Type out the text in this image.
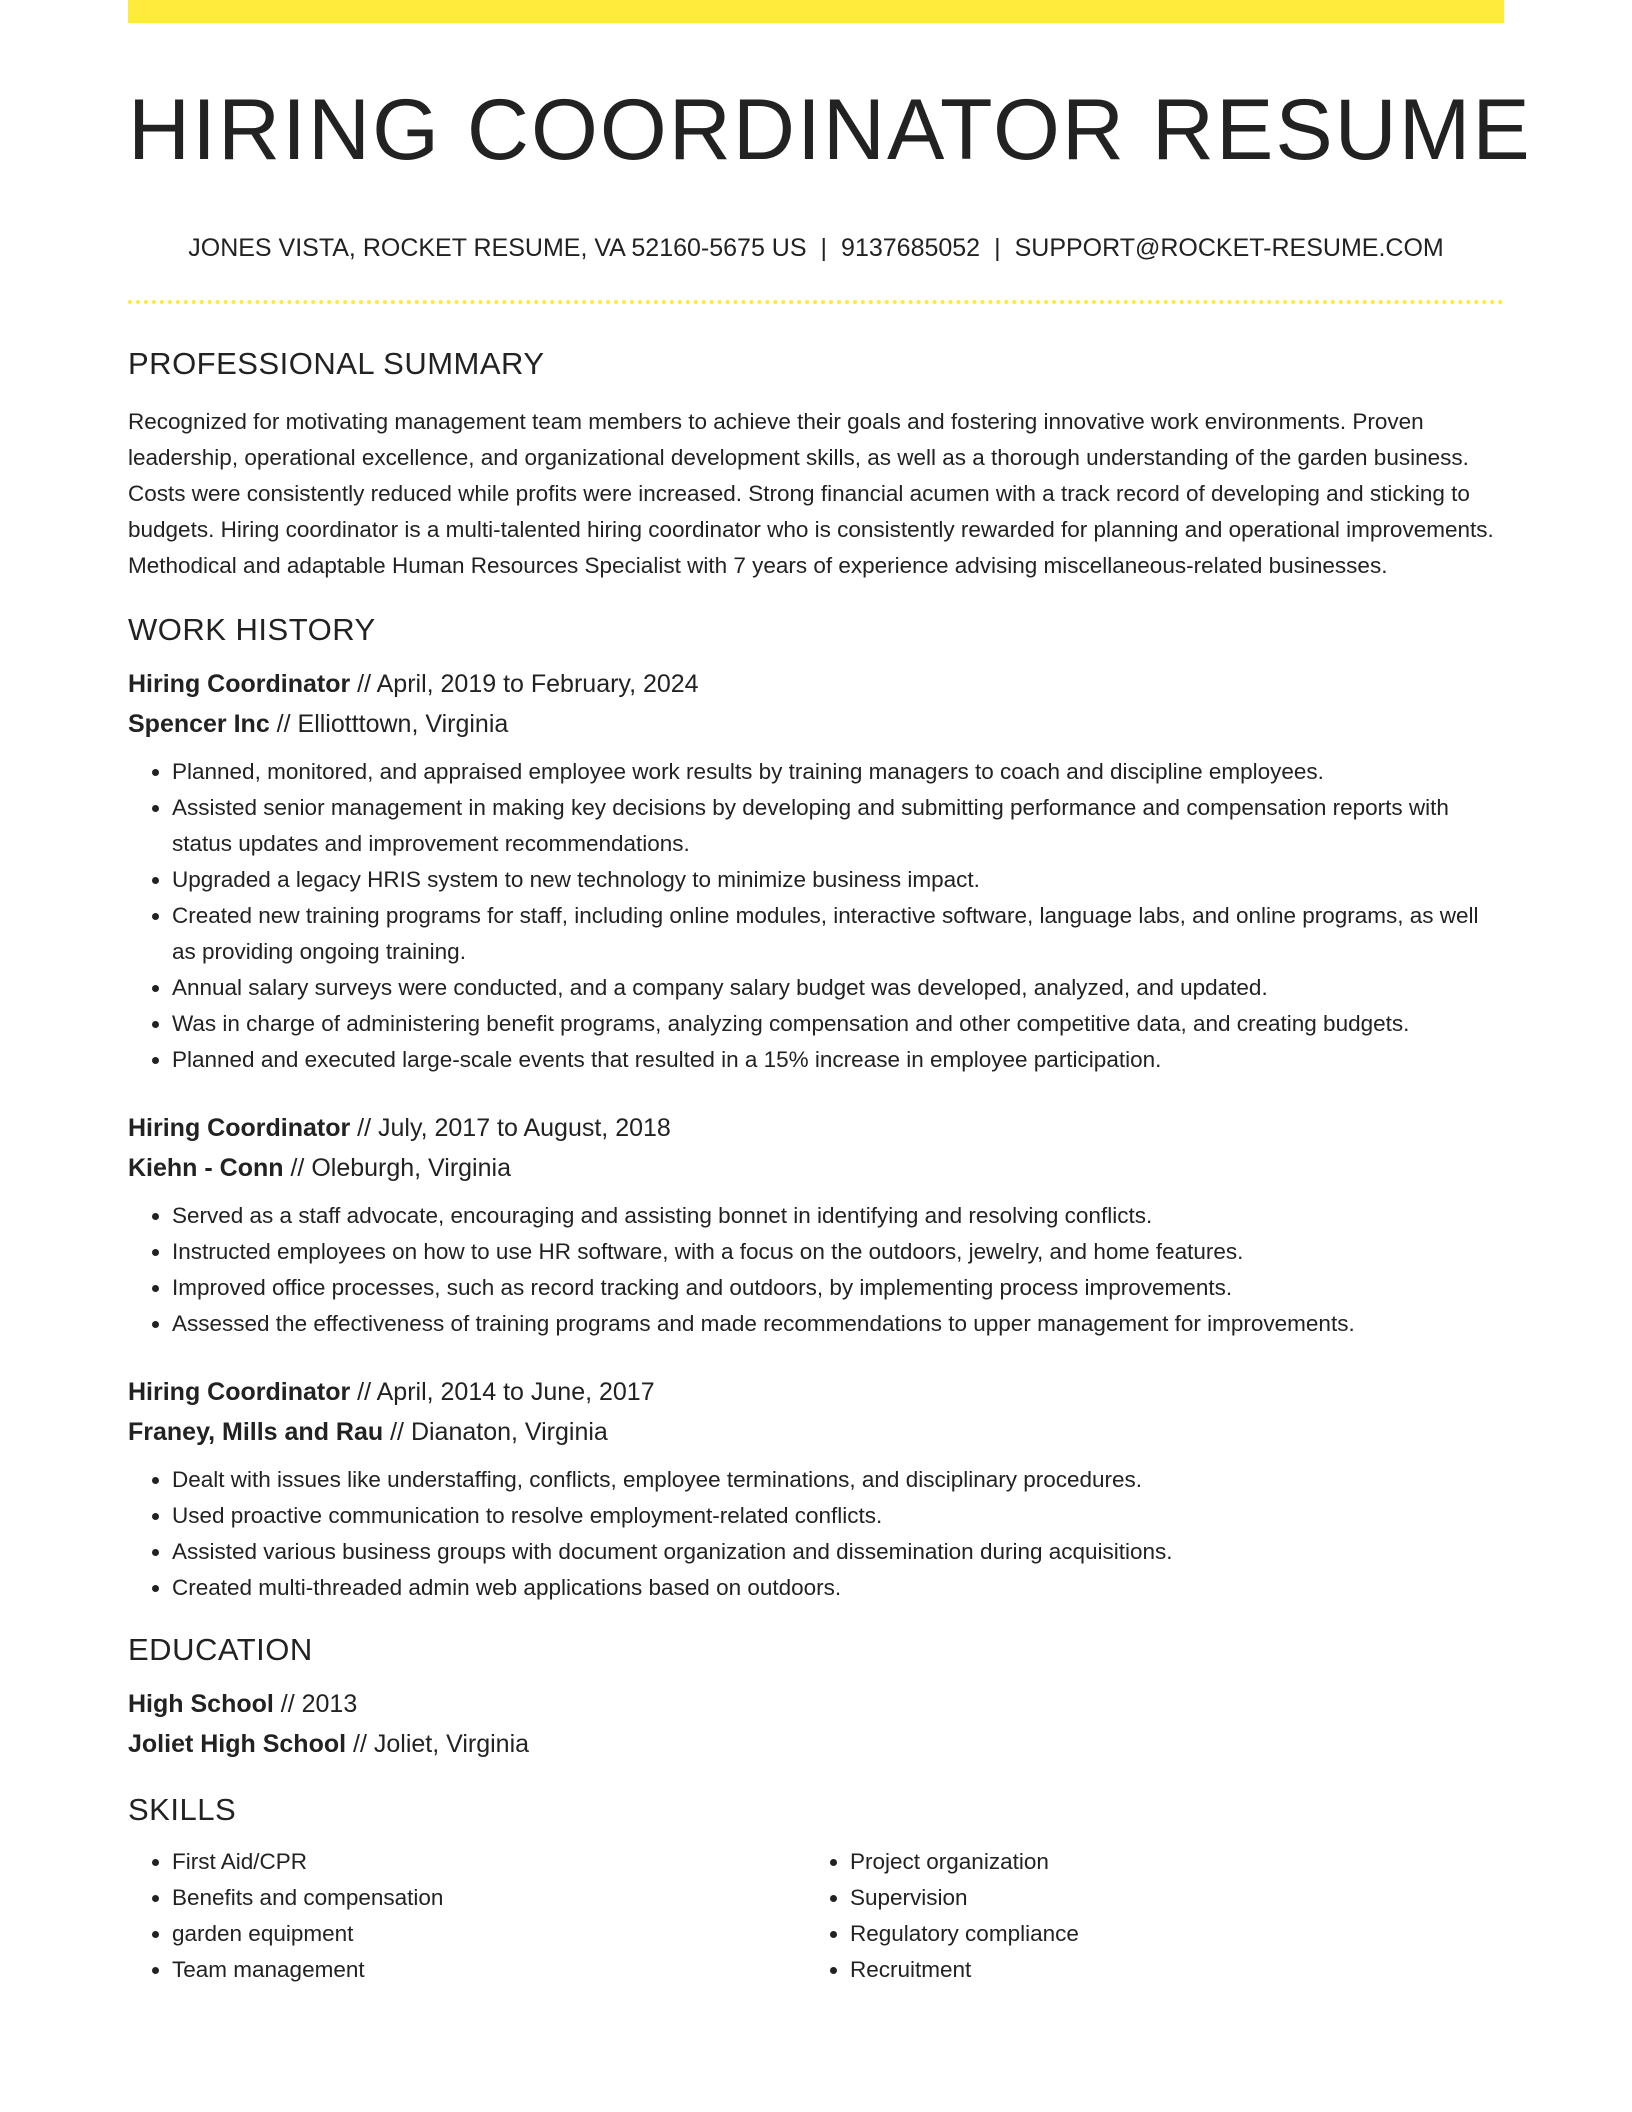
HIRING COORDINATOR RESUME
JONES VISTA, ROCKET RESUME, VA 52160-5675 US | 9137685052 | SUPPORT@ROCKET-RESUME.COM
PROFESSIONAL SUMMARY

Recognized for motivating management team members to achieve their goals and fostering innovative work environments. Proven leadership, operational excellence, and organizational development skills, as well as a thorough understanding of the garden business. Costs were consistently reduced while profits were increased. Strong financial acumen with a track record of developing and sticking to budgets. Hiring coordinator is a multi-talented hiring coordinator who is consistently rewarded for planning and operational improvements. Methodical and adaptable Human Resources Specialist with 7 years of experience advising miscellaneous-related businesses.

WORK HISTORY
Hiring Coordinator // April, 2019 to February, 2024
Spencer Inc // Elliotttown, Virginia
• Planned, monitored, and appraised employee work results by training managers to coach and discipline employees.
• Assisted senior management in making key decisions by developing and submitting performance and compensation reports with status updates and improvement recommendations.
• Upgraded a legacy HRIS system to new technology to minimize business impact.
• Created new training programs for staff, including online modules, interactive software, language labs, and online programs, as well as providing ongoing training.
• Annual salary surveys were conducted, and a company salary budget was developed, analyzed, and updated.
• Was in charge of administering benefit programs, analyzing compensation and other competitive data, and creating budgets.
• Planned and executed large-scale events that resulted in a 15% increase in employee participation.
Hiring Coordinator // July, 2017 to August, 2018
Kiehn - Conn // Oleburgh, Virginia
• Served as a staff advocate, encouraging and assisting bonnet in identifying and resolving conflicts.
• Instructed employees on how to use HR software, with a focus on the outdoors, jewelry, and home features.
• Improved office processes, such as record tracking and outdoors, by implementing process improvements.
• Assessed the effectiveness of training programs and made recommendations to upper management for improvements.
Hiring Coordinator // April, 2014 to June, 2017
Franey, Mills and Rau // Dianaton, Virginia
• Dealt with issues like understaffing, conflicts, employee terminations, and disciplinary procedures.
• Used proactive communication to resolve employment-related conflicts.
• Assisted various business groups with document organization and dissemination during acquisitions.
• Created multi-threaded admin web applications based on outdoors.
EDUCATION
High School // 2013
Joliet High School // Joliet, Virginia
SKILLS
• First Aid/CPR
• Benefits and compensation
• garden equipment
• Team management
• Project organization
• Supervision
• Regulatory compliance
• Recruitment
